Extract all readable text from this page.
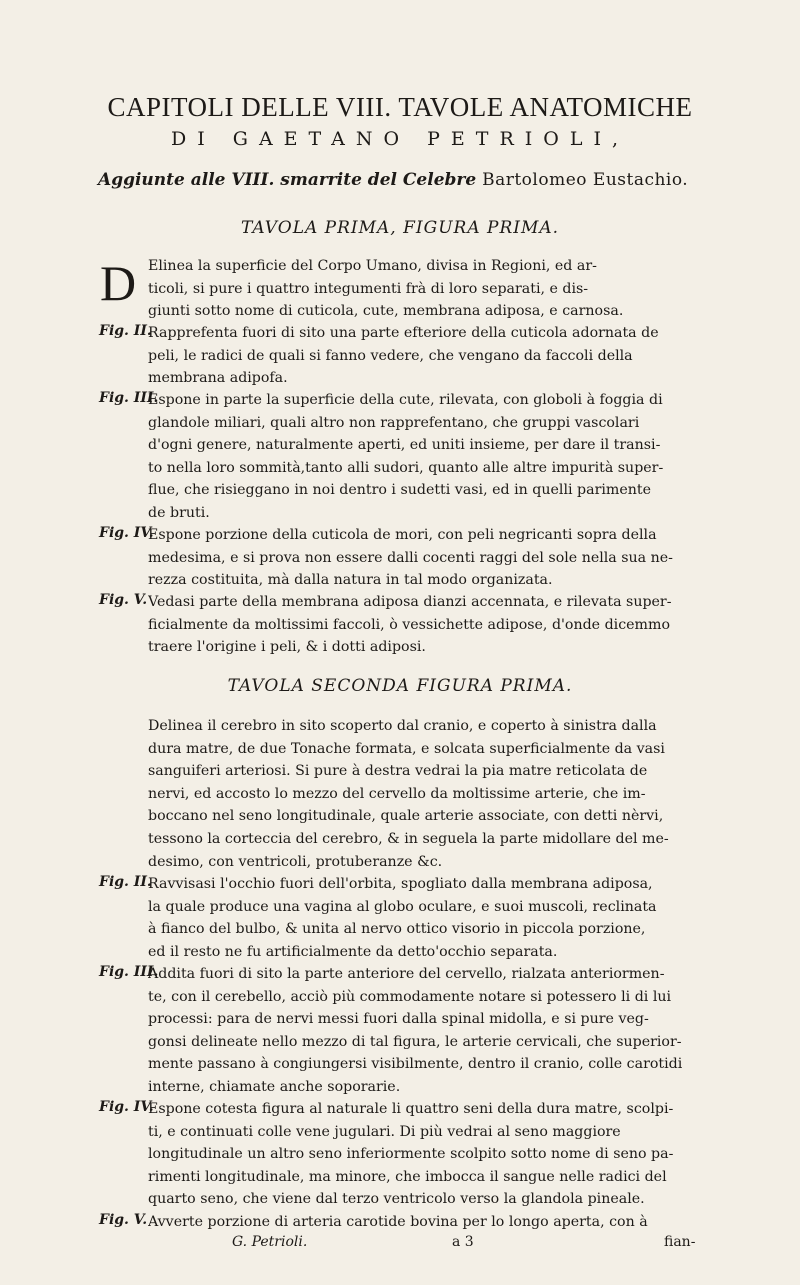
CAPITOLI DELLE VIII. TAVOLE ANATOMICHE
DI GAETANO PETRIOLI,
Aggiunte alle VIII. smarrite del Celebre Bartolomeo Eustachio.
TAVOLA PRIMA, FIGURA PRIMA.
D Elinea la superficie del Corpo Umano, divisa in Regioni, ed ar-
ticoli, si pure i quattro integumenti frà di loro separati, e dis-
giunti sotto nome di cuticola, cute, membrana adiposa, e carnosa.
Fig. II.
Rapprefenta fuori di sito una parte efteriore della cuticola adornata de
peli, le radici de quali si fanno vedere, che vengano da faccoli della
membrana adipofa.
Fig. III.
Espone in parte la superficie della cute, rilevata, con globoli à foggia di
glandole miliari, quali altro non rapprefentano, che gruppi vascolari
d'ogni genere, naturalmente aperti, ed uniti insieme, per dare il transi-
to nella loro sommità,tanto alli sudori, quanto alle altre impurità super-
flue, che risieggano in noi dentro i sudetti vasi, ed in quelli parimente
de bruti.
Fig. IV.
Espone porzione della cuticola de mori, con peli negricanti sopra della
medesima, e si prova non essere dalli cocenti raggi del sole nella sua ne-
rezza costituita, mà dalla natura in tal modo organizata.
Fig. V. Vedasi parte della membrana adiposa dianzi accennata, e rilevata super-
ficialmente da moltissimi faccoli, ò vessichette adipose, d'onde dicemmo
traere l'origine i peli, & i dotti adiposi.
TAVOLA SECONDA FIGURA PRIMA.
Delinea il cerebro in sito scoperto dal cranio, e coperto à sinistra dalla
dura matre, de due Tonache formata, e solcata superficialmente da vasi
sanguiferi arteriosi. Si pure à destra vedrai la pia matre reticolata de
nervi, ed accosto lo mezzo del cervello da moltissime arterie, che im-
boccano nel seno longitudinale, quale arterie associate, con detti nèrvi,
tessono la corteccia del cerebro, & in seguela la parte midollare del me-
desimo, con ventricoli, protuberanze &c.
Fig. II.
Ravvisasi l'occhio fuori dell'orbita, spogliato dalla membrana adiposa,
la quale produce una vagina al globo oculare, e suoi muscoli, reclinata
à fianco del bulbo, & unita al nervo ottico visorio in piccola porzione,
ed il resto ne fu artificialmente da detto'occhio separata.
Fig. III.
Addita fuori di sito la parte anteriore del cervello, rialzata anteriormen-
te, con il cerebello, acciò più commodamente notare si potessero li di lui
processi: para de nervi messi fuori dalla spinal midolla, e si pure veg-
gonsi delineate nello mezzo di tal figura, le arterie cervicali, che superior-
mente passano à congiungersi visibilmente, dentro il cranio, colle carotidi
interne, chiamate anche soporarie.
Fig. IV.
Espone cotesta figura al naturale li quattro seni della dura matre, scolpi-
ti, e continuati colle vene jugulari. Di più vedrai al seno maggiore
longitudinale un altro seno inferiormente scolpito sotto nome di seno pa-
rimenti longitudinale, ma minore, che imbocca il sangue nelle radici del
quarto seno, che viene dal terzo ventricolo verso la glandola pineale.
Fig. V. Avverte porzione di arteria carotide bovina per lo longo aperta, con à
G. Petrioli.	a 3	fian-
